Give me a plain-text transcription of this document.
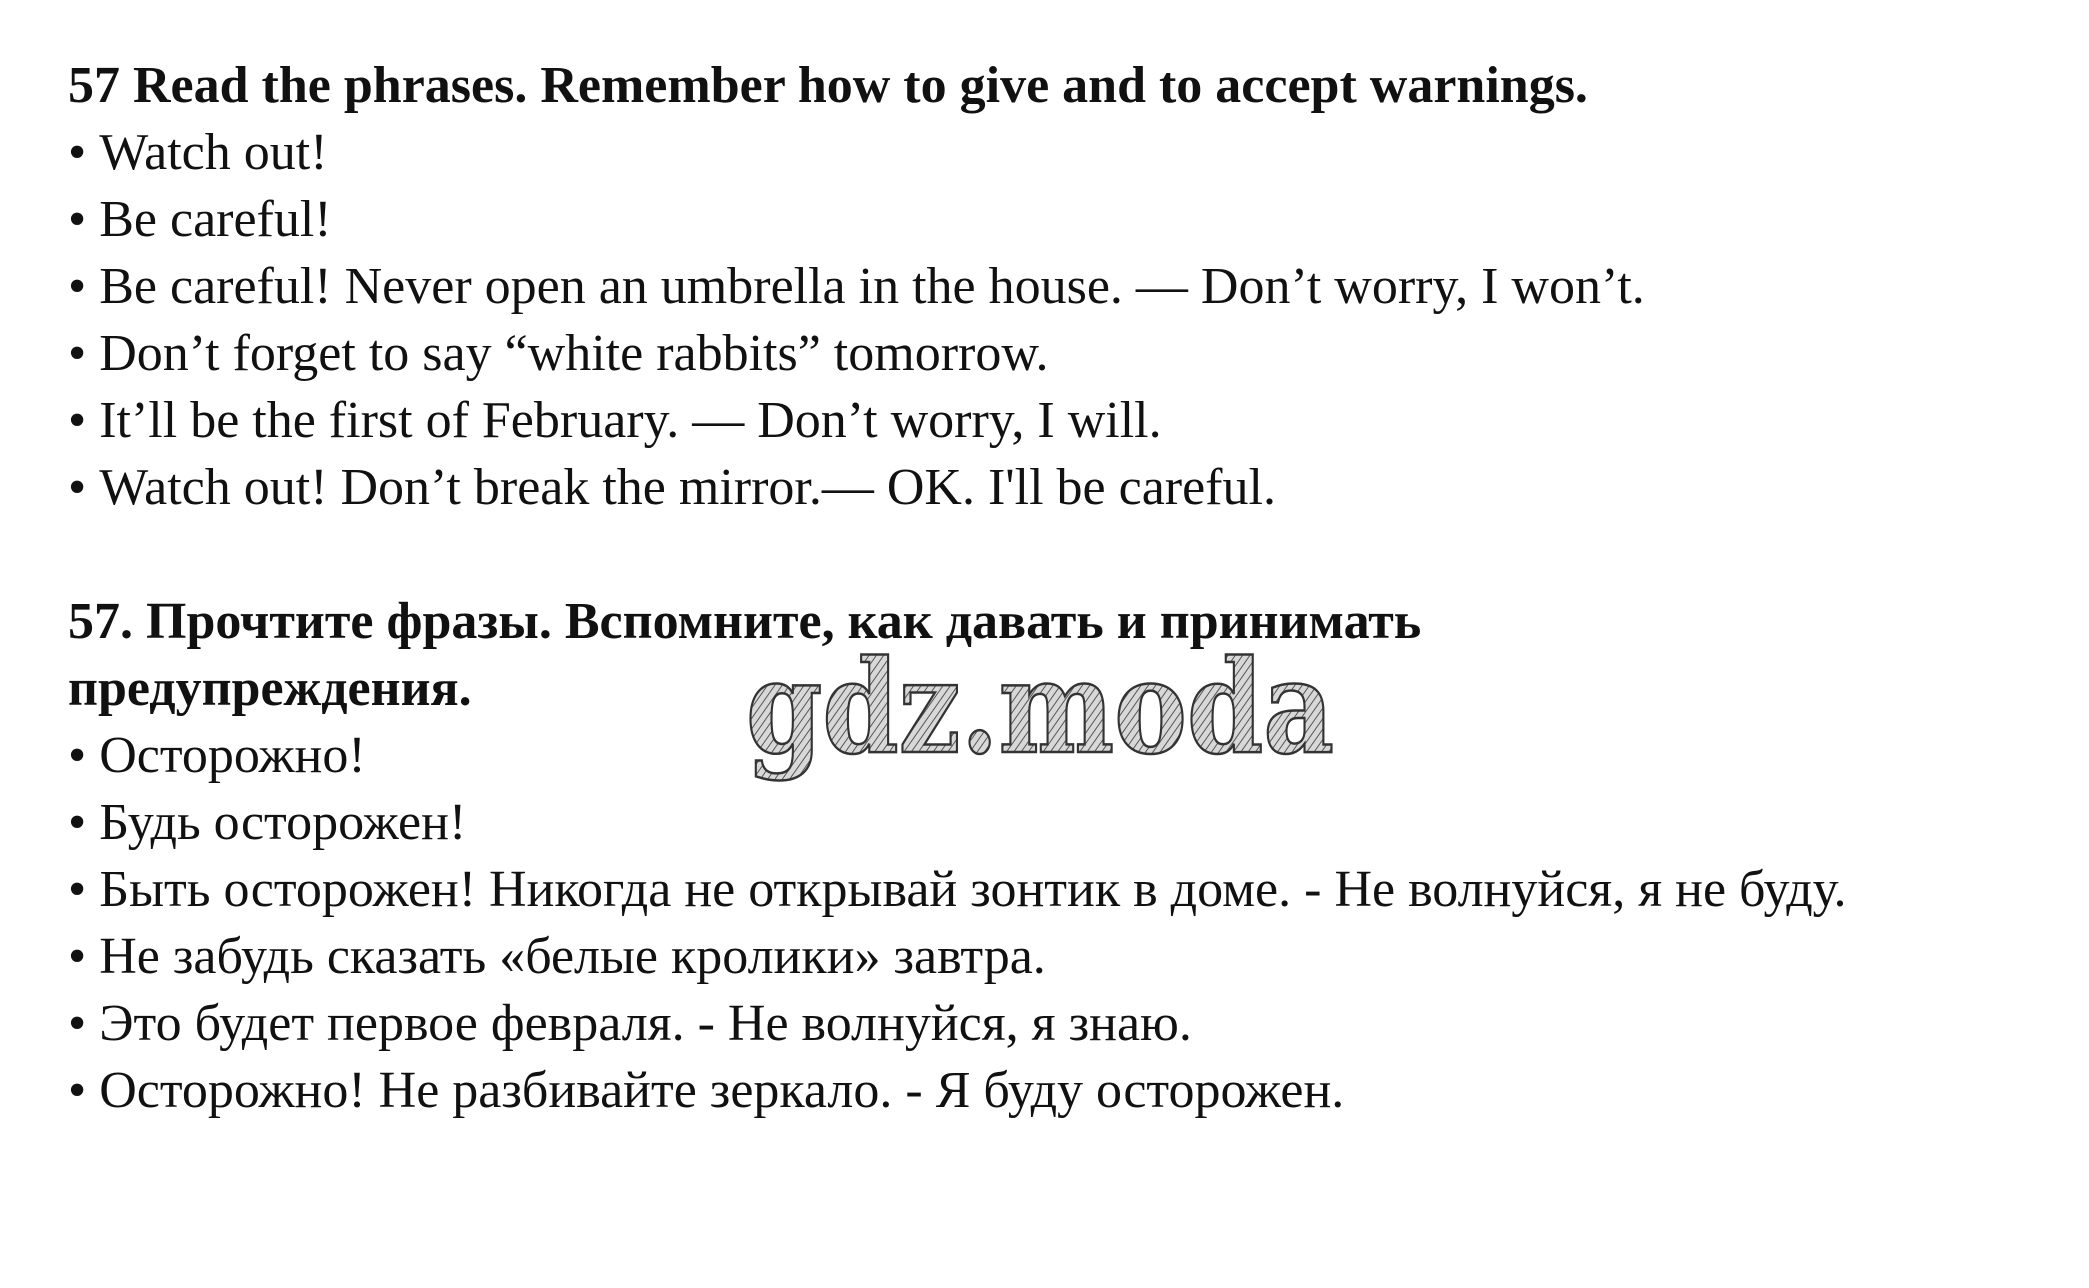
57 Read the phrases. Remember how to give and to accept warnings.
• Watch out!
• Be careful!
• Be careful! Never open an umbrella in the house. — Don’t worry, I won’t.
• Don’t forget to say “white rabbits” tomorrow.
• It’ll be the first of February. — Don’t worry, I will.
• Watch out! Don’t break the mirror.— OK. I'll be careful.
57. Прочтите фразы. Вспомните, как давать и принимать
предупреждения.
• Осторожно!
• Будь осторожен!
• Быть осторожен! Никогда не открывай зонтик в доме. - Не волнуйся, я не буду.
• Не забудь сказать «белые кролики» завтра.
• Это будет первое февраля. - Не волнуйся, я знаю.
• Осторожно! Не разбивайте зеркало. - Я буду осторожен.
gdz.moda
